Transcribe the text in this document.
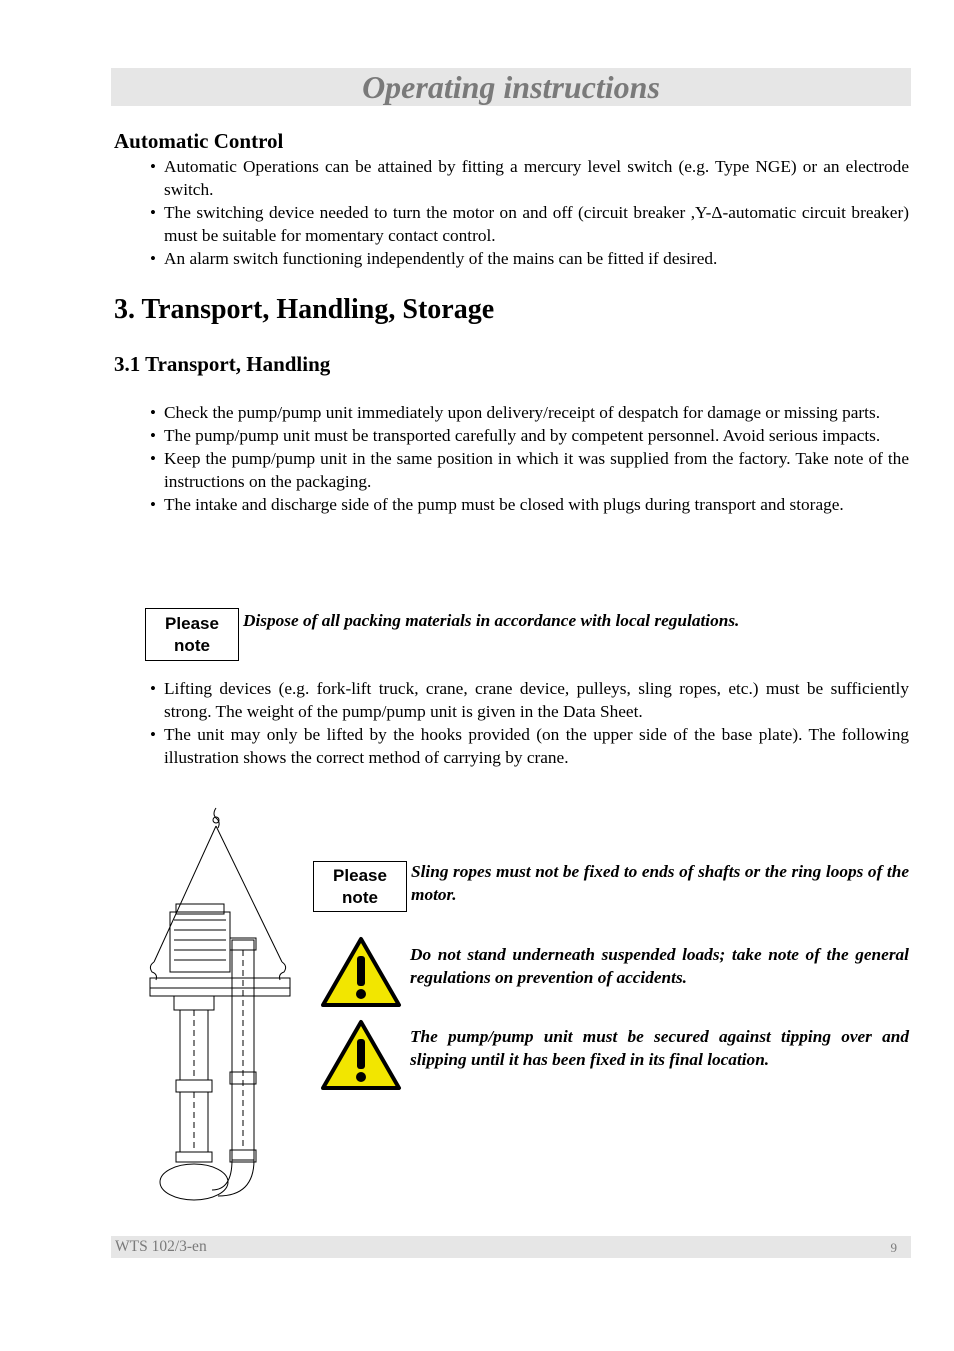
Operating instructions
Automatic Control
• Automatic Operations can be attained by fitting a mercury level switch (e.g. Type NGE) or an electrode switch.
• The switching device needed to turn the motor on and off (circuit breaker ,Y-Δ-automatic circuit breaker) must be suitable for momentary contact control.
• An alarm switch functioning independently of the mains can be fitted if desired.
3. Transport, Handling, Storage
3.1 Transport, Handling
• Check the pump/pump unit immediately upon delivery/receipt of despatch for damage or missing parts.
• The pump/pump unit must be transported carefully and by competent personnel. Avoid serious impacts.
• Keep the pump/pump unit in the same position in which it was supplied from the factory. Take note of the instructions on the packaging.
• The intake and discharge side of the pump must be closed with plugs during transport and storage.
Please
note
Dispose of all packing materials in accordance with local regulations.
• Lifting devices (e.g. fork-lift truck, crane, crane device, pulleys, sling ropes, etc.) must be sufficiently strong. The weight of the pump/pump unit is given in the Data Sheet.
• The unit may only be lifted by the hooks provided (on the upper side of the base plate). The following illustration shows the correct method of carrying by crane.
Please
note
Sling ropes must not be fixed to ends of shafts or the ring loops of the motor.
Do not stand underneath suspended loads; take note of the general regulations on prevention of accidents.
The pump/pump unit must be secured against tipping over and slipping until it has been fixed in its final location.
WTS 102/3-en	9
